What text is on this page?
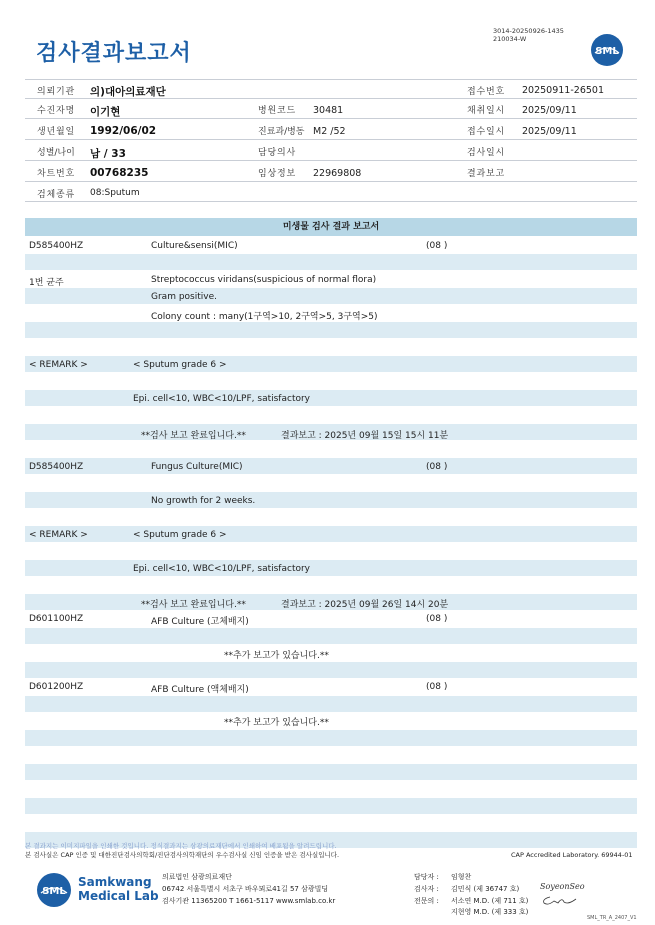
검사결과보고서
3014-20250926-1435
210034-W
SML
의뢰기관 의)대아의료재단	접수번호 20250911-26501
수진자명 이기현	병원코드 30481	채취일시 2025/09/11
생년월일 1992/06/02	진료과/병동 M2 /52	접수일시 2025/09/11
성별/나이 남 / 33	담당의사	검사일시
차트번호 00768235	임상정보 22969808	결과보고
검체종류 08:Sputum
미생물 검사 결과 보고서
D585400HZ	Culture&sensi(MIC)	(08 )
1번 균주	Streptococcus viridans(suspicious of normal flora)
Gram positive.
Colony count : many(1구역>10, 2구역>5, 3구역>5)
< REMARK >	< Sputum grade 6 >
Epi. cell<10, WBC<10/LPF, satisfactory
**검사 보고 완료입니다.**	결과보고 : 2025년 09월 15일 15시 11분
D585400HZ	Fungus Culture(MIC)	(08 )
No growth for 2 weeks.
< REMARK >	< Sputum grade 6 >
Epi. cell<10, WBC<10/LPF, satisfactory
**검사 보고 완료입니다.**	결과보고 : 2025년 09월 26일 14시 20분
D601100HZ	AFB Culture (고체배지)	(08 )
**추가 보고가 있습니다.**
D601200HZ	AFB Culture (액체배지)	(08 )
**추가 보고가 있습니다.**
본 결과지는 이미지파일을 인쇄한 것입니다. 정식결과지는 삼광의료재단에서 인쇄하여 배포됨을 알려드립니다.
본 검사실은 CAP 인증 및 대한진단검사의학회/진단검사의학재단의 우수검사실 신임 인증을 받은 검사실입니다.	CAP Accredited Laboratory. 69944-01
SML
Samkwang
Medical Lab
의료법인 삼광의료재단
06742 서울특별시 서초구 바우뫼로41길 57 삼광빌딩
검사기관 11365200 T 1661-5117 www.smlab.co.kr
담당자 : 임형찬
검사자 : 김민식 (제 36747 호)
전문의 : 서소연 M.D. (제 711 호)
지현영 M.D. (제 333 호)
SoyeonSeo
SML_TR_A_2407_V1
